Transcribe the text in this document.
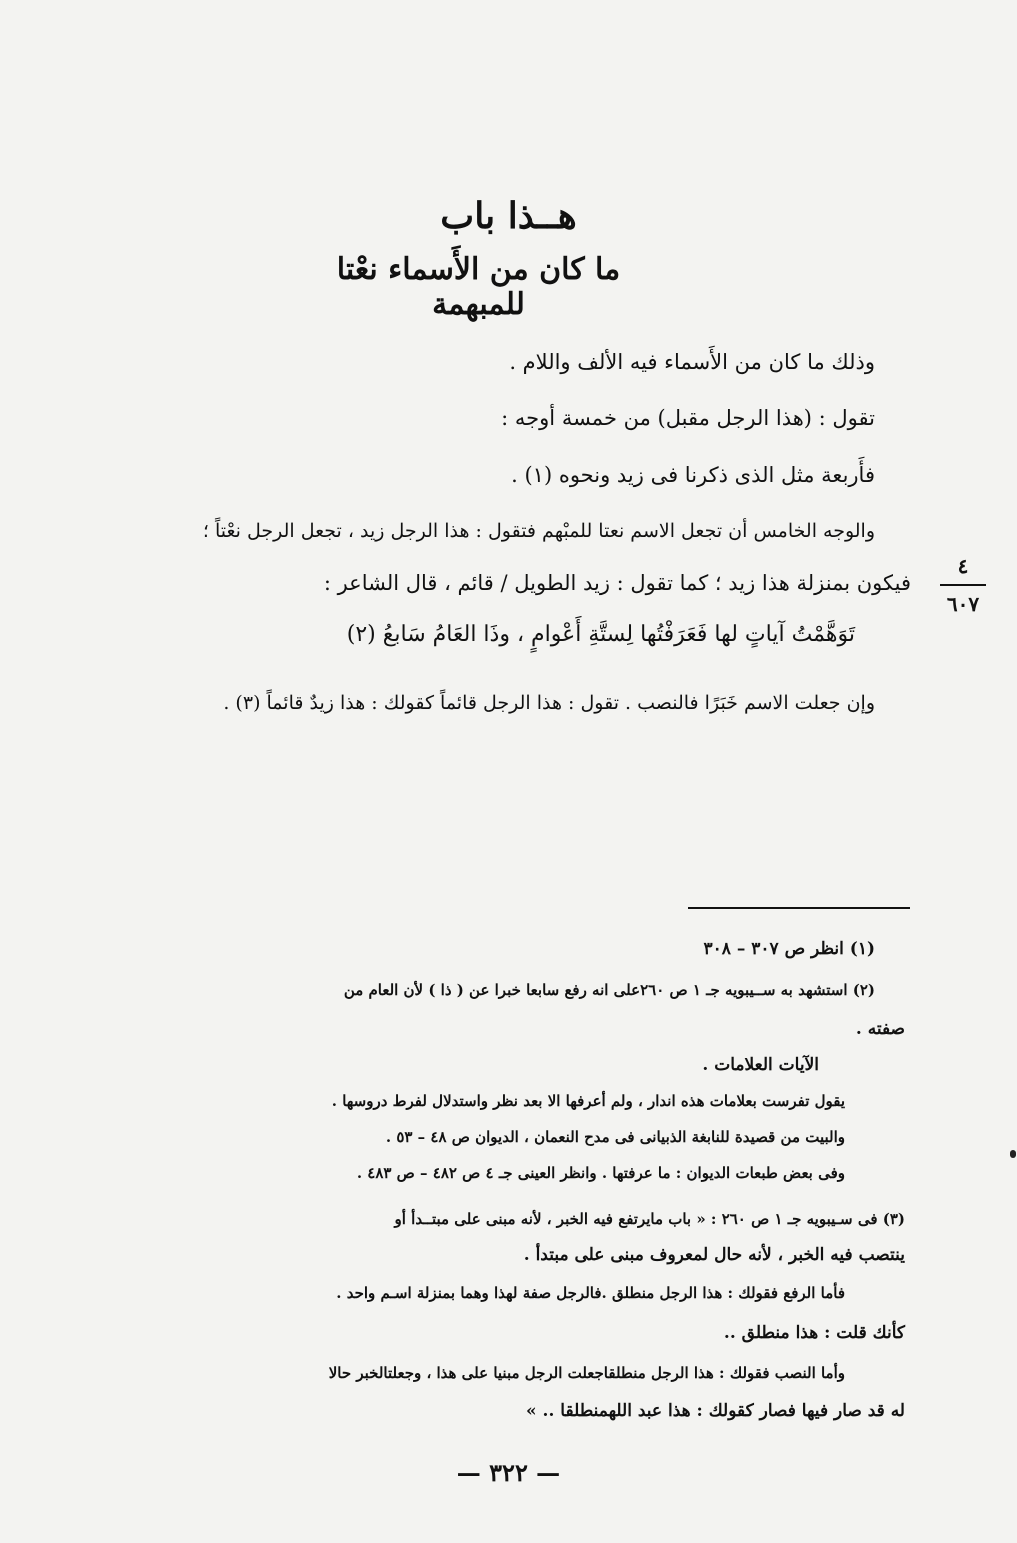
هــذا باب
ما كان من الأَسماء نعْتا للمبهمة
وذلك ما كان من الأَسماء فيه الألف واللام .
تقول : (هذا الرجل مقبل) من خمسة أوجه :
فأَربعة مثل الذى ذكرنا فى زيد ونحوه (١) .
والوجه الخامس أن تجعل الاسم نعتا للمبْهم فتقول : هذا الرجل زيد ، تجعل الرجل نعْتاً ؛
فيكون بمنزلة هذا زيد ؛ كما تقول : زيد الطويل / قائم ، قال الشاعر :
تَوَهَّمْتُ آياتٍ لها فَعَرَفْتُها لِستَّةِ أَعْوامٍ ، وذَا العَامُ سَابعُ (٢)
وإن جعلت الاسم خَبَرًا فالنصب . تقول : هذا الرجل قائماً كقولك : هذا زيدٌ قائماً (٣) .
٤
٦٠٧
(١) انظر ص ٣٠٧ – ٣٠٨
(٢) استشهد به ســيبويه جـ ١ ص ٢٦٠على انه رفع سابعا خبرا عن ( ذا ) لأن العام من
صفته .
الآيات العلامات .
يقول تفرست بعلامات هذه اندار ، ولم أعرفها الا بعد نظر واستدلال لفرط دروسها .
والبيت من قصيدة للنابغة الذبيانى فى مدح النعمان ، الديوان ص ٤٨ – ٥٣ .
وفى بعض طبعات الديوان : ما عرفتها . وانظر العينى جـ ٤ ص ٤٨٢ – ص ٤٨٣ .
(٣) فى سـيبويه جـ ١ ص ٢٦٠ : « باب مايرتفع فيه الخبر ، لأنه مبنى على مبتــدأ أو
ينتصب فيه الخبر ، لأنه حال لمعروف مبنى على مبتدأ .
فأما الرفع فقولك : هذا الرجل منطلق .فالرجل صفة لهذا وهما بمنزلة اسـم واحد .
كأنك قلت : هذا منطلق ..
وأما النصب فقولك : هذا الرجل منطلقاجعلت الرجل مبنيا على هذا ، وجعلتالخبر حالا
له قد صار فيها فصار كقولك : هذا عبد اللهمنطلقا .. »
— ٣٢٢ —
